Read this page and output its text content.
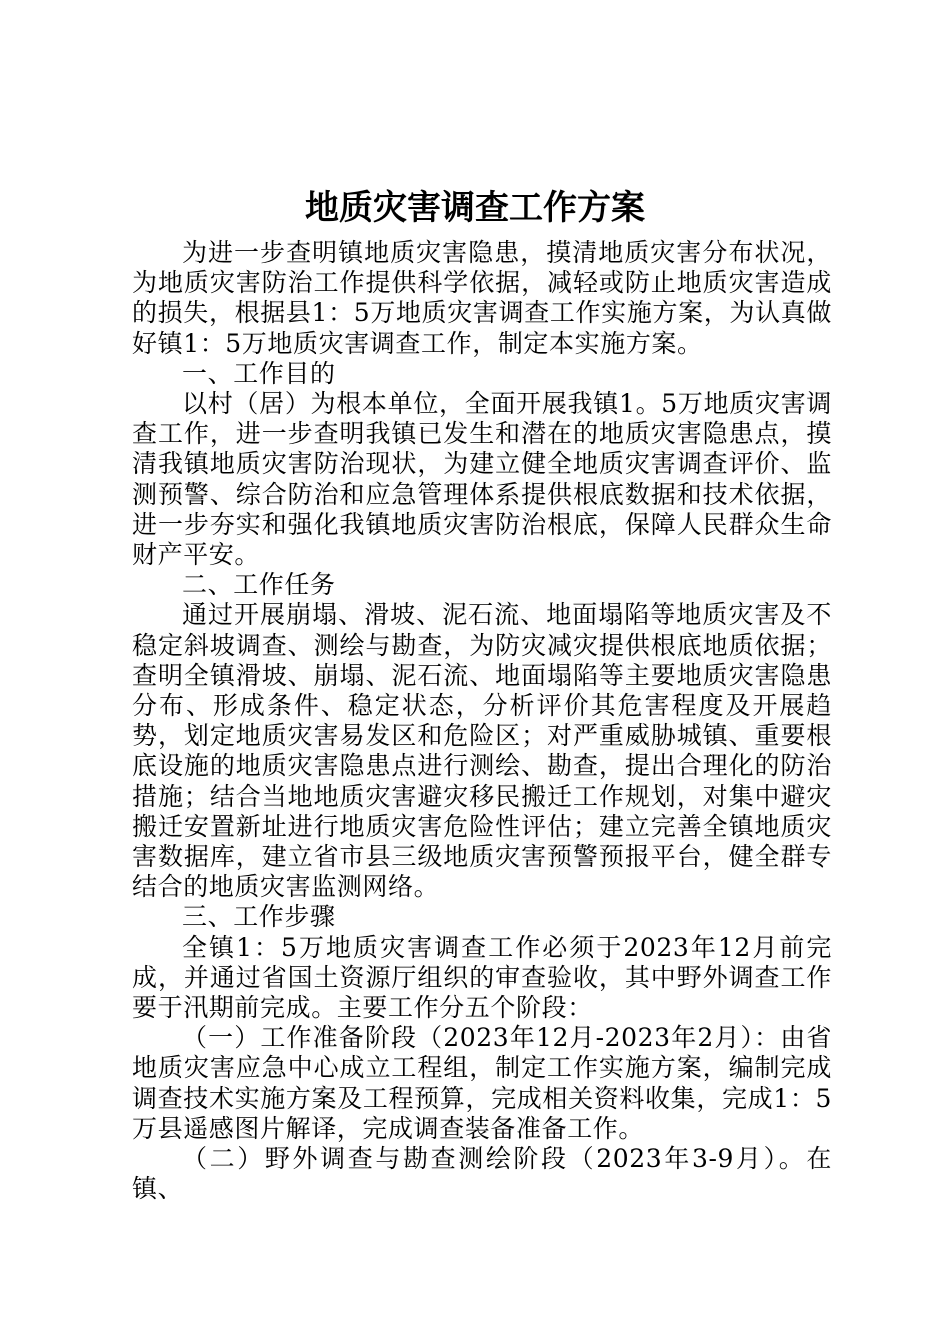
地质灾害调查工作方案

为进一步查明镇地质灾害隐患，摸清地质灾害分布状况，为地质灾害防治工作提供科学依据，减轻或防止地质灾害造成的损失，根据县1：5万地质灾害调查工作实施方案，为认真做好镇1：5万地质灾害调查工作，制定本实施方案。

一、工作目的

以村（居）为根本单位，全面开展我镇1。5万地质灾害调查工作，进一步查明我镇已发生和潜在的地质灾害隐患点，摸清我镇地质灾害防治现状，为建立健全地质灾害调查评价、监测预警、综合防治和应急管理体系提供根底数据和技术依据，进一步夯实和强化我镇地质灾害防治根底，保障人民群众生命财产平安。

二、工作任务

通过开展崩塌、滑坡、泥石流、地面塌陷等地质灾害及不稳定斜坡调查、测绘与勘查，为防灾减灾提供根底地质依据；查明全镇滑坡、崩塌、泥石流、地面塌陷等主要地质灾害隐患分布、形成条件、稳定状态，分析评价其危害程度及开展趋势，划定地质灾害易发区和危险区；对严重威胁城镇、重要根底设施的地质灾害隐患点进行测绘、勘查，提出合理化的防治措施；结合当地地质灾害避灾移民搬迁工作规划，对集中避灾搬迁安置新址进行地质灾害危险性评估；建立完善全镇地质灾害数据库，建立省市县三级地质灾害预警预报平台，健全群专结合的地质灾害监测网络。

三、工作步骤

全镇1：5万地质灾害调查工作必须于2023年12月前完成，并通过省国土资源厅组织的审查验收，其中野外调查工作要于汛期前完成。主要工作分五个阶段：

（一）工作准备阶段（2023年12月-2023年2月）：由省地质灾害应急中心成立工程组，制定工作实施方案，编制完成调查技术实施方案及工程预算，完成相关资料收集，完成1：5万县遥感图片解译，完成调查装备准备工作。

（二）野外调查与勘查测绘阶段（2023年3-9月）。在镇、
